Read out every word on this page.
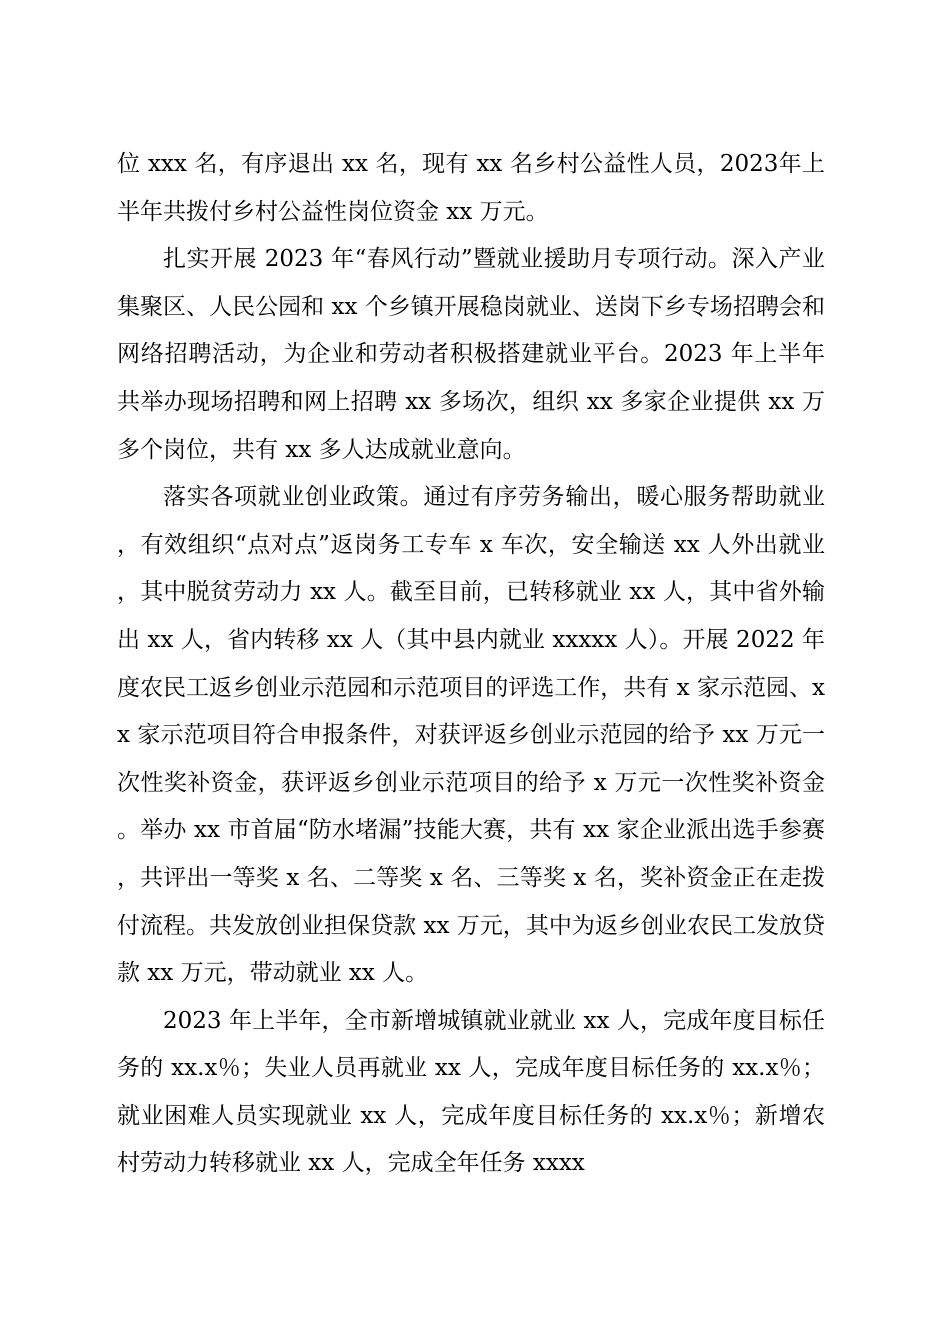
位 xxx 名，有序退出 xx 名，现有 xx 名乡村公益性人员，2023年上半年共拨付乡村公益性岗位资金 xx 万元。

扎实开展 2023 年“春风行动”暨就业援助月专项行动。深入产业集聚区、人民公园和 xx 个乡镇开展稳岗就业、送岗下乡专场招聘会和网络招聘活动，为企业和劳动者积极搭建就业平台。2023 年上半年共举办现场招聘和网上招聘 xx 多场次，组织 xx 多家企业提供 xx 万多个岗位，共有 xx 多人达成就业意向。

落实各项就业创业政策。通过有序劳务输出，暖心服务帮助就业，有效组织“点对点”返岗务工专车 x 车次，安全输送 xx 人外出就业，其中脱贫劳动力 xx 人。截至目前，已转移就业 xx 人，其中省外输出 xx 人，省内转移 xx 人（其中县内就业 xxxxx 人）。开展 2022 年度农民工返乡创业示范园和示范项目的评选工作，共有 x 家示范园、xx 家示范项目符合申报条件，对获评返乡创业示范园的给予 xx 万元一次性奖补资金，获评返乡创业示范项目的给予 x 万元一次性奖补资金。举办 xx 市首届“防水堵漏”技能大赛，共有 xx 家企业派出选手参赛，共评出一等奖 x 名、二等奖 x 名、三等奖 x 名，奖补资金正在走拨付流程。共发放创业担保贷款 xx 万元，其中为返乡创业农民工发放贷款 xx 万元，带动就业 xx 人。

2023 年上半年，全市新增城镇就业就业 xx 人，完成年度目标任务的 xx.x％；失业人员再就业 xx 人，完成年度目标任务的 xx.x％；就业困难人员实现就业 xx 人，完成年度目标任务的 xx.x％；新增农村劳动力转移就业 xx 人，完成全年任务 xxxx
